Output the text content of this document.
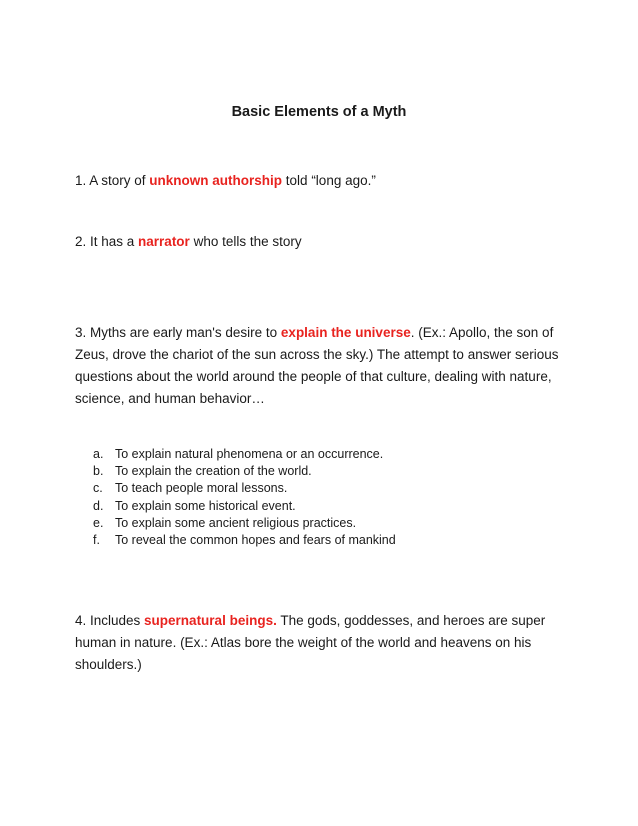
Basic Elements of a Myth
1. A story of unknown authorship told “long ago.”
2. It has a narrator who tells the story
3. Myths are early man's desire to explain the universe. (Ex.: Apollo, the son of Zeus, drove the chariot of the sun across the sky.) The attempt to answer serious questions about the world around the people of that culture, dealing with nature, science, and human behavior…
a. To explain natural phenomena or an occurrence.
b. To explain the creation of the world.
c. To teach people moral lessons.
d. To explain some historical event.
e. To explain some ancient religious practices.
f.	To reveal the common hopes and fears of mankind
4. Includes supernatural beings. The gods, goddesses, and heroes are super human in nature. (Ex.: Atlas bore the weight of the world and heavens on his shoulders.)
